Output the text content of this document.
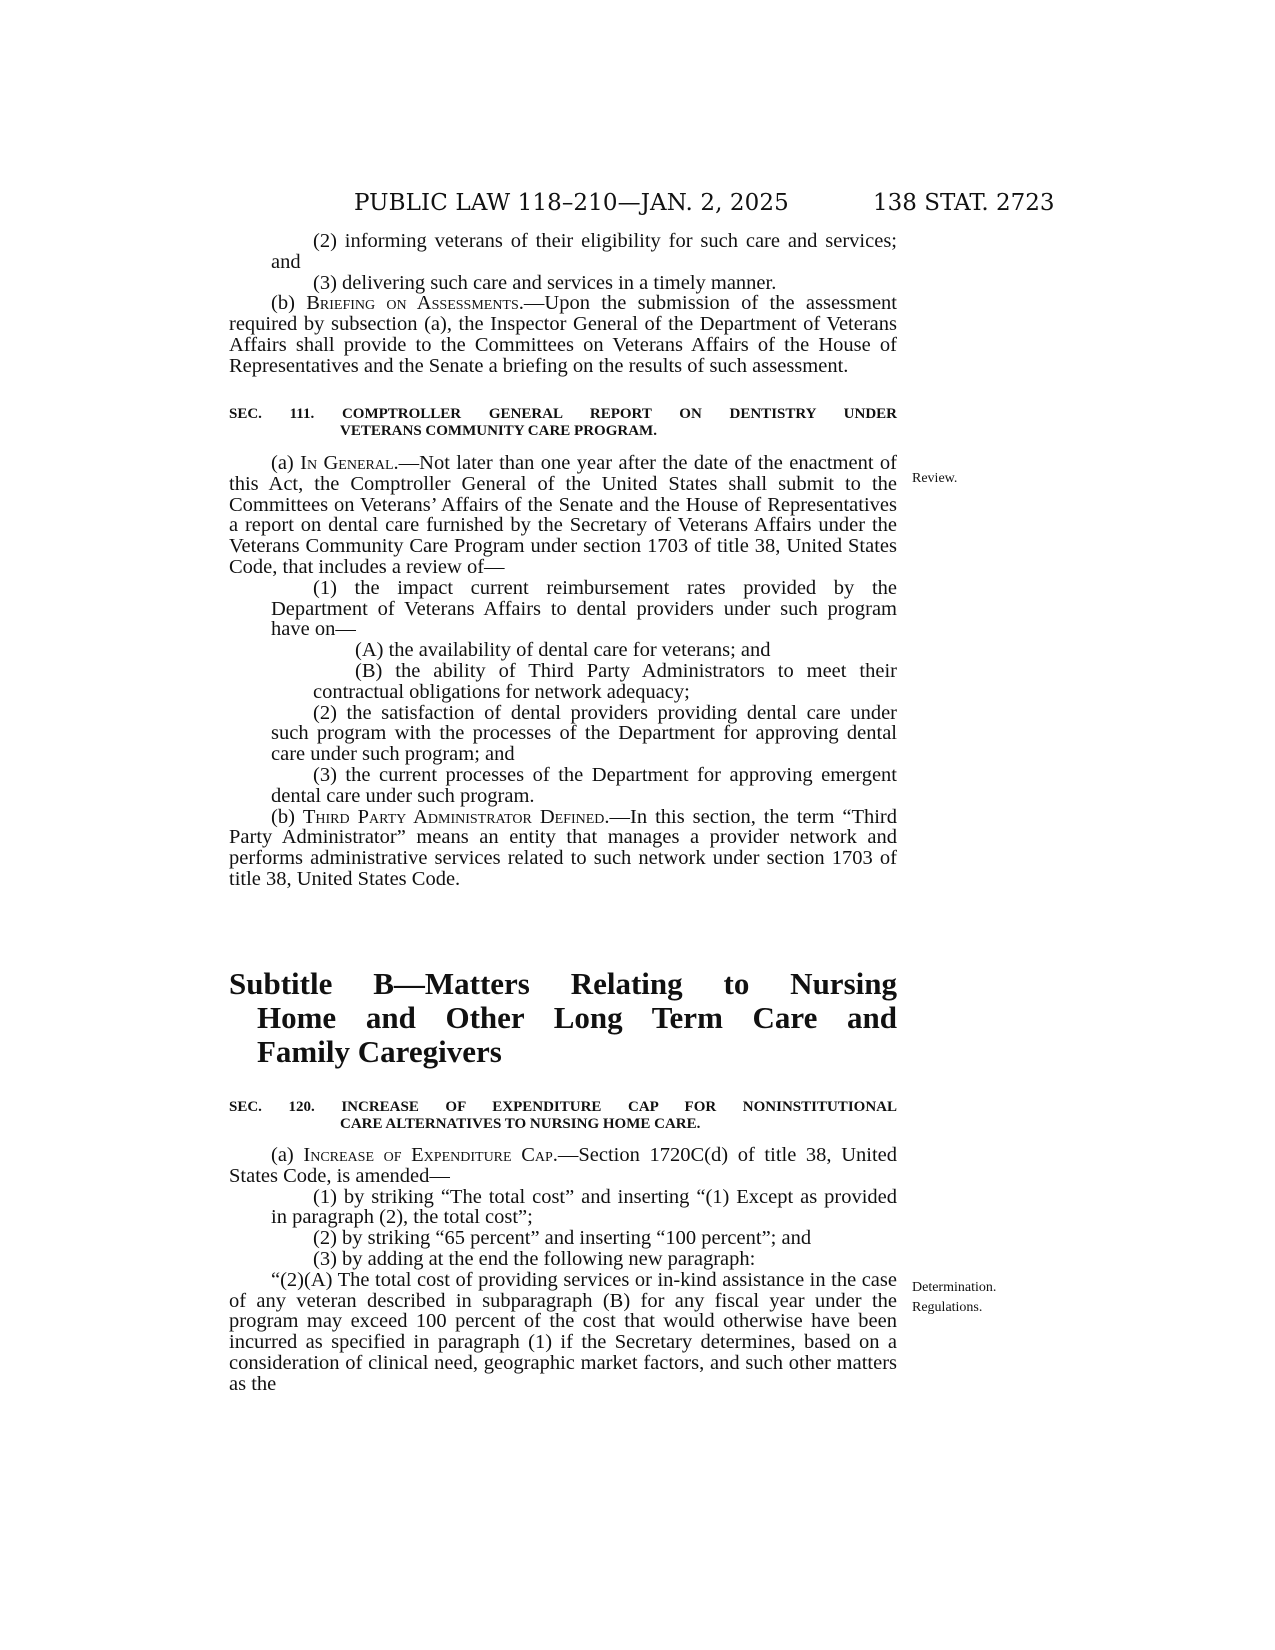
PUBLIC LAW 118–210—JAN. 2, 2025	138 STAT. 2723

(2) informing veterans of their eligibility for such care and services; and

(3) delivering such care and services in a timely manner.

(b) Briefing on Assessments.—Upon the submission of the assessment required by subsection (a), the Inspector General of the Department of Veterans Affairs shall provide to the Committees on Veterans Affairs of the House of Representatives and the Senate a briefing on the results of such assessment.

SEC. 111. COMPTROLLER GENERAL REPORT ON DENTISTRY UNDER
VETERANS COMMUNITY CARE PROGRAM.

(a) In General.—Not later than one year after the date of the enactment of this Act, the Comptroller General of the United States shall submit to the Committees on Veterans’ Affairs of the Senate and the House of Representatives a report on dental care furnished by the Secretary of Veterans Affairs under the Veterans Community Care Program under section 1703 of title 38, United States Code, that includes a review of—

(1) the impact current reimbursement rates provided by the Department of Veterans Affairs to dental providers under such program have on—

(A) the availability of dental care for veterans; and

(B) the ability of Third Party Administrators to meet their contractual obligations for network adequacy;

(2) the satisfaction of dental providers providing dental care under such program with the processes of the Department for approving dental care under such program; and

(3) the current processes of the Department for approving emergent dental care under such program.

(b) Third Party Administrator Defined.—In this section, the term “Third Party Administrator” means an entity that manages a provider network and performs administrative services related to such network under section 1703 of title 38, United States Code.

Subtitle B—Matters Relating to Nursing
Home and Other Long Term Care and
Family Caregivers
SEC. 120. INCREASE OF EXPENDITURE CAP FOR NONINSTITUTIONAL
CARE ALTERNATIVES TO NURSING HOME CARE.

(a) Increase of Expenditure Cap.—Section 1720C(d) of title 38, United States Code, is amended—

(1) by striking “The total cost” and inserting “(1) Except as provided in paragraph (2), the total cost”;

(2) by striking “65 percent” and inserting “100 percent”; and

(3) by adding at the end the following new paragraph:

“(2)(A) The total cost of providing services or in-kind assistance in the case of any veteran described in subparagraph (B) for any fiscal year under the program may exceed 100 percent of the cost that would otherwise have been incurred as specified in paragraph (1) if the Secretary determines, based on a consideration of clinical need, geographic market factors, and such other matters as the

Review.
Determination.
Regulations.
